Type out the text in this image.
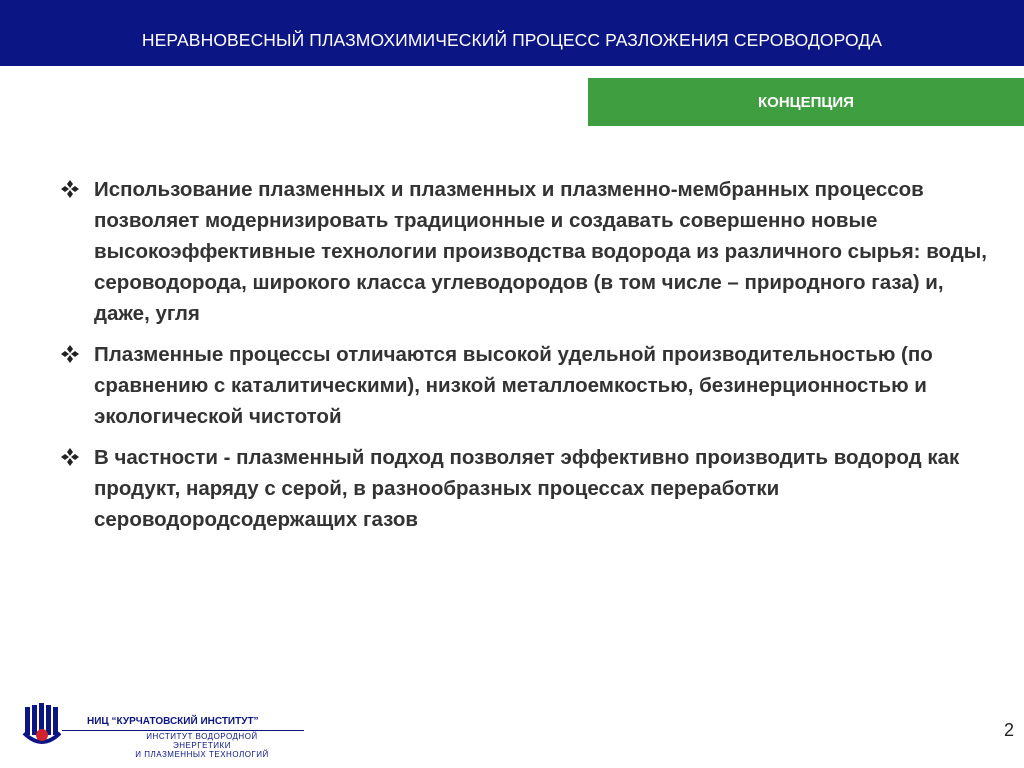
НЕРАВНОВЕСНЫЙ ПЛАЗМОХИМИЧЕСКИЙ ПРОЦЕСС РАЗЛОЖЕНИЯ СЕРОВОДОРОДА
КОНЦЕПЦИЯ
Использование плазменных и плазменных и плазменно-мембранных процессов позволяет модернизировать традиционные и создавать совершенно новые высокоэффективные технологии производства водорода из различного сырья: воды, сероводорода, широкого класса углеводородов (в том числе – природного газа) и, даже, угля
Плазменные процессы отличаются высокой удельной производительностью (по сравнению с каталитическими), низкой металлоемкостью, безинерционностью и экологической чистотой
В частности - плазменный подход позволяет эффективно производить водород как продукт, наряду с серой, в разнообразных процессах переработки сероводородсодержащих газов
НИЦ “КУРЧАТОВСКИЙ ИНСТИТУТ”
ИНСТИТУТ ВОДОРОДНОЙ ЭНЕРГЕТИКИ
И ПЛАЗМЕННЫХ ТЕХНОЛОГИЙ
2
